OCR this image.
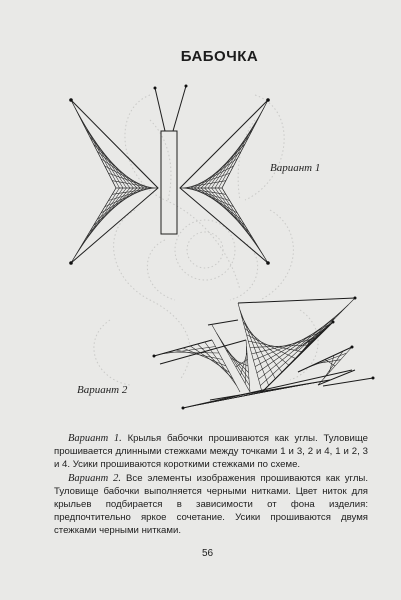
БАБОЧКА
Вариант 1
Вариант 2

Вариант 1. Крылья бабочки прошиваются как углы. Туловище прошивается длинными стежками между точками 1 и 3, 2 и 4, 1 и 2, 3 и 4. Усики прошиваются короткими стежками по схеме.

Вариант 2. Все элементы изображения прошиваются как углы. Туловище бабочки выполняется черными нитками. Цвет ниток для крыльев подбирается в зависимости от фона изделия: предпочтительно яркое сочетание. Усики прошиваются двумя стежками черными нитками.

56
